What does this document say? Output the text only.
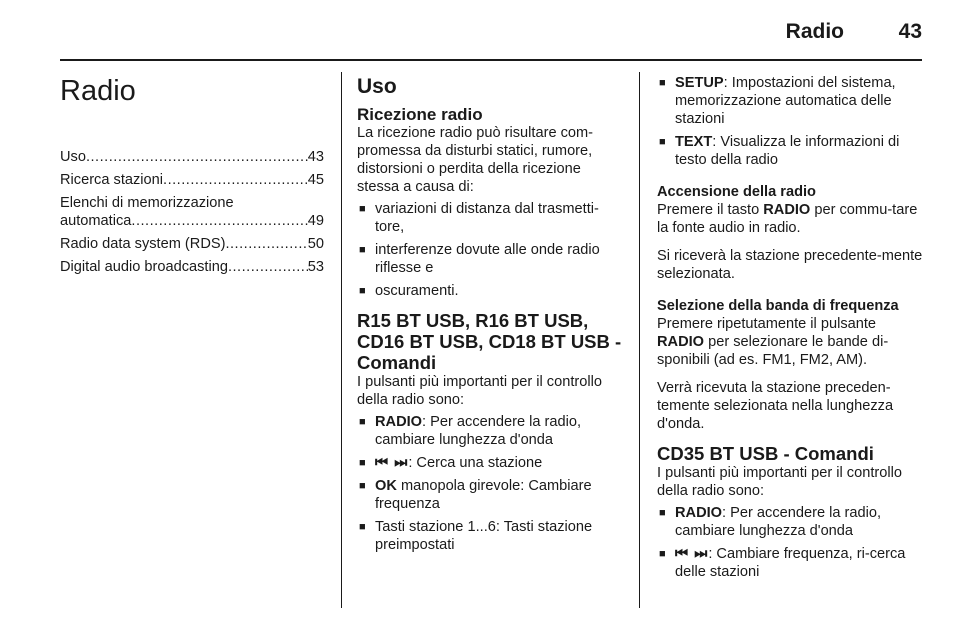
Radio	43
Radio
Uso .....	43
Ricerca stazioni .....	45
Elenchi di memorizzazione
automatica .....	49
Radio data system (RDS) .....	50
Digital audio broadcasting .....	53
Uso
Ricezione radio

La ricezione radio può risultare com-promessa da disturbi statici, rumore, distorsioni o perdita della ricezione stessa a causa di:

■ variazioni di distanza dal trasmetti-tore,
■ interferenze dovute alle onde radio riflesse e
■ oscuramenti.
R15 BT USB, R16 BT USB, CD16 BT USB, CD18 BT USB - Comandi

I pulsanti più importanti per il controllo della radio sono:

■ RADIO: Per accendere la radio, cambiare lunghezza d'onda
■ ⏮ ⏭: Cerca una stazione
■ OK manopola girevole: Cambiare frequenza
■ Tasti stazione 1...6: Tasti stazione preimpostati
■ SETUP: Impostazioni del sistema, memorizzazione automatica delle stazioni
■ TEXT: Visualizza le informazioni di testo della radio
Accensione della radio

Premere il tasto RADIO per commu-tare la fonte audio in radio.

Si riceverà la stazione precedente-mente selezionata.

Selezione della banda di frequenza

Premere ripetutamente il pulsante RADIO per selezionare le bande di-sponibili (ad es. FM1, FM2, AM).

Verrà ricevuta la stazione preceden-temente selezionata nella lunghezza d'onda.

CD35 BT USB - Comandi

I pulsanti più importanti per il controllo della radio sono:

■ RADIO: Per accendere la radio, cambiare lunghezza d'onda
■ ⏮ ⏭: Cambiare frequenza, ri-cerca delle stazioni
